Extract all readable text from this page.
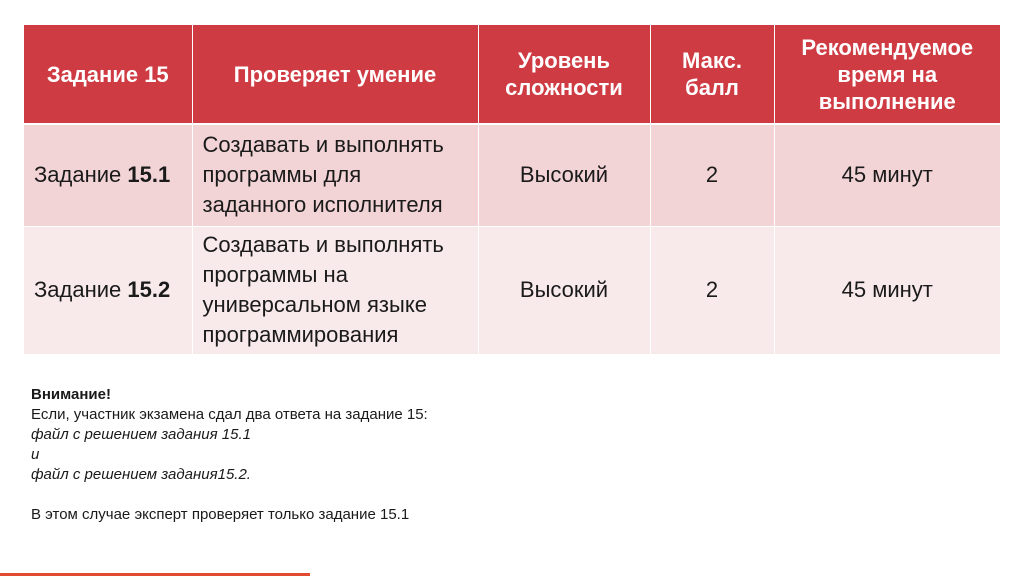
Задание 15	Проверяет умение	Уровень сложности	Макс. балл	Рекомендуемое время на выполнение
Задание 15.1	Создавать и выполнять программы для заданного исполнителя	Высокий	2	45 минут
Задание 15.2	Создавать и выполнять программы на универсальном языке программирования	Высокий	2	45 минут
Внимание!
Если, участник экзамена сдал два ответа на задание 15:
файл с решением задания 15.1
и
файл с решением задания15.2.
В этом случае эксперт проверяет только задание 15.1
